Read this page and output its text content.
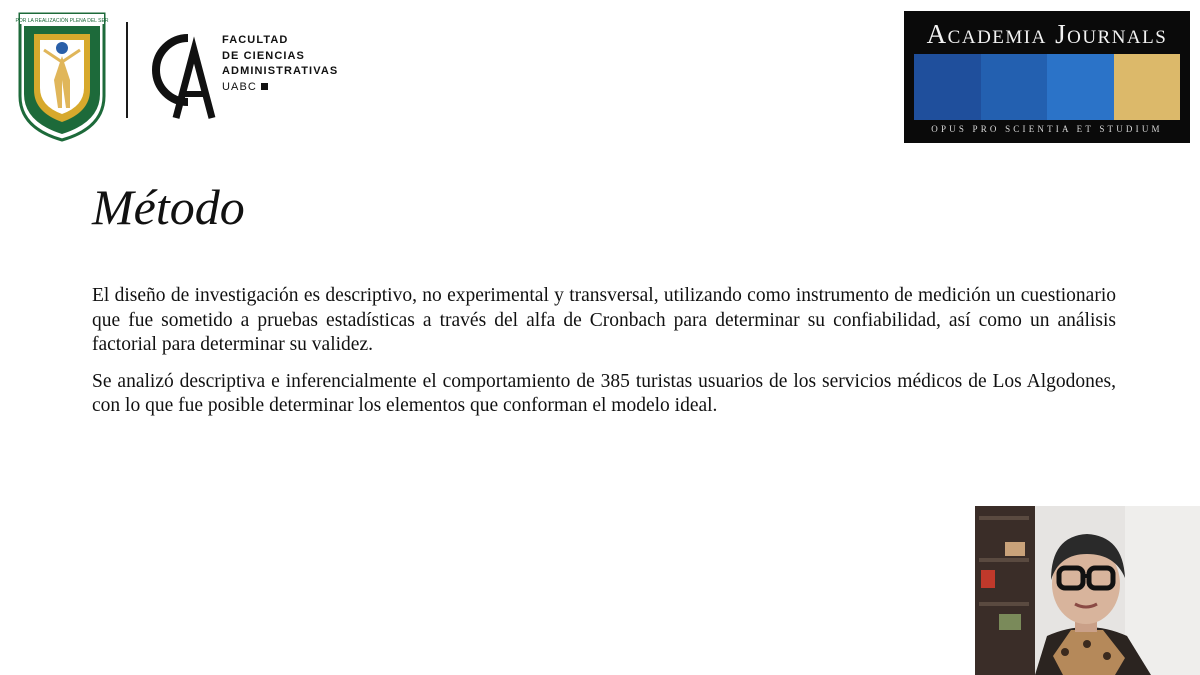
POR LA REALIZACIÓN PLENA DEL SER
FACULTAD
DE CIENCIAS
ADMINISTRATIVAS
UABC
Academia Journals
OPUS PRO SCIENTIA ET STUDIUM
Método

El diseño de investigación es descriptivo, no experimental y transversal, utilizando como instrumento de medición un cuestionario que fue sometido a pruebas estadísticas a través del alfa de Cronbach para determinar su confiabilidad, así como un análisis factorial para determinar su validez.

Se analizó descriptiva e inferencialmente el comportamiento de 385 turistas usuarios de los servicios médicos de Los Algodones, con lo que fue posible determinar los elementos que conforman el modelo ideal.
